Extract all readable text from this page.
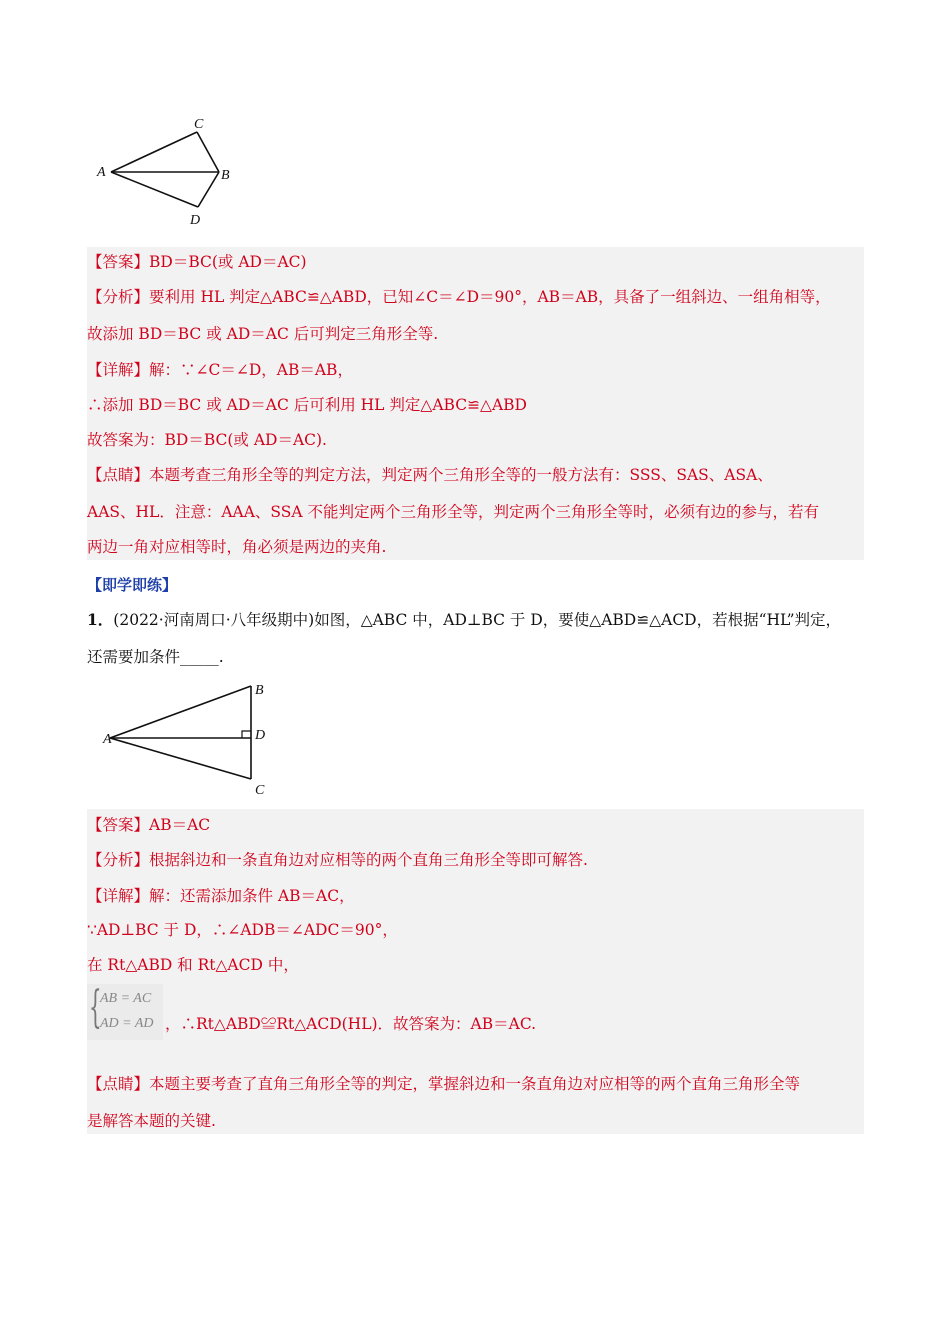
C
A	B
D
【答案】BD＝BC(或 AD＝AC)
【分析】要利用 HL 判定△ABC≌△ABD，已知∠C＝∠D＝90°，AB＝AB，具备了一组斜边、一组角相等，
故添加 BD＝BC 或 AD＝AC 后可判定三角形全等.
【详解】解：∵∠C＝∠D，AB＝AB，
∴添加 BD＝BC 或 AD＝AC 后可利用 HL 判定△ABC≌△ABD
故答案为：BD＝BC(或 AD＝AC).
【点睛】本题考查三角形全等的判定方法，判定两个三角形全等的一般方法有：SSS、SAS、ASA、
AAS、HL．注意：AAA、SSA 不能判定两个三角形全等，判定两个三角形全等时，必须有边的参与，若有
两边一角对应相等时，角必须是两边的夹角.
【即学即练】
1．(2022·河南周口·八年级期中)如图，△ABC 中，AD⊥BC 于 D，要使△ABD≌△ACD，若根据“HL”判定，
还需要加条件_____.
B
A	D
C
【答案】AB＝AC
【分析】根据斜边和一条直角边对应相等的两个直角三角形全等即可解答.
【详解】解：还需添加条件 AB＝AC，
∵AD⊥BC 于 D，∴∠ADB＝∠ADC＝90°，
在 Rt△ABD 和 Rt△ACD 中，
{
AB = AC
AD = AD ，∴Rt△ABD≌Rt△ACD(HL)．故答案为：AB＝AC.
【点睛】本题主要考查了直角三角形全等的判定，掌握斜边和一条直角边对应相等的两个直角三角形全等
是解答本题的关键.
